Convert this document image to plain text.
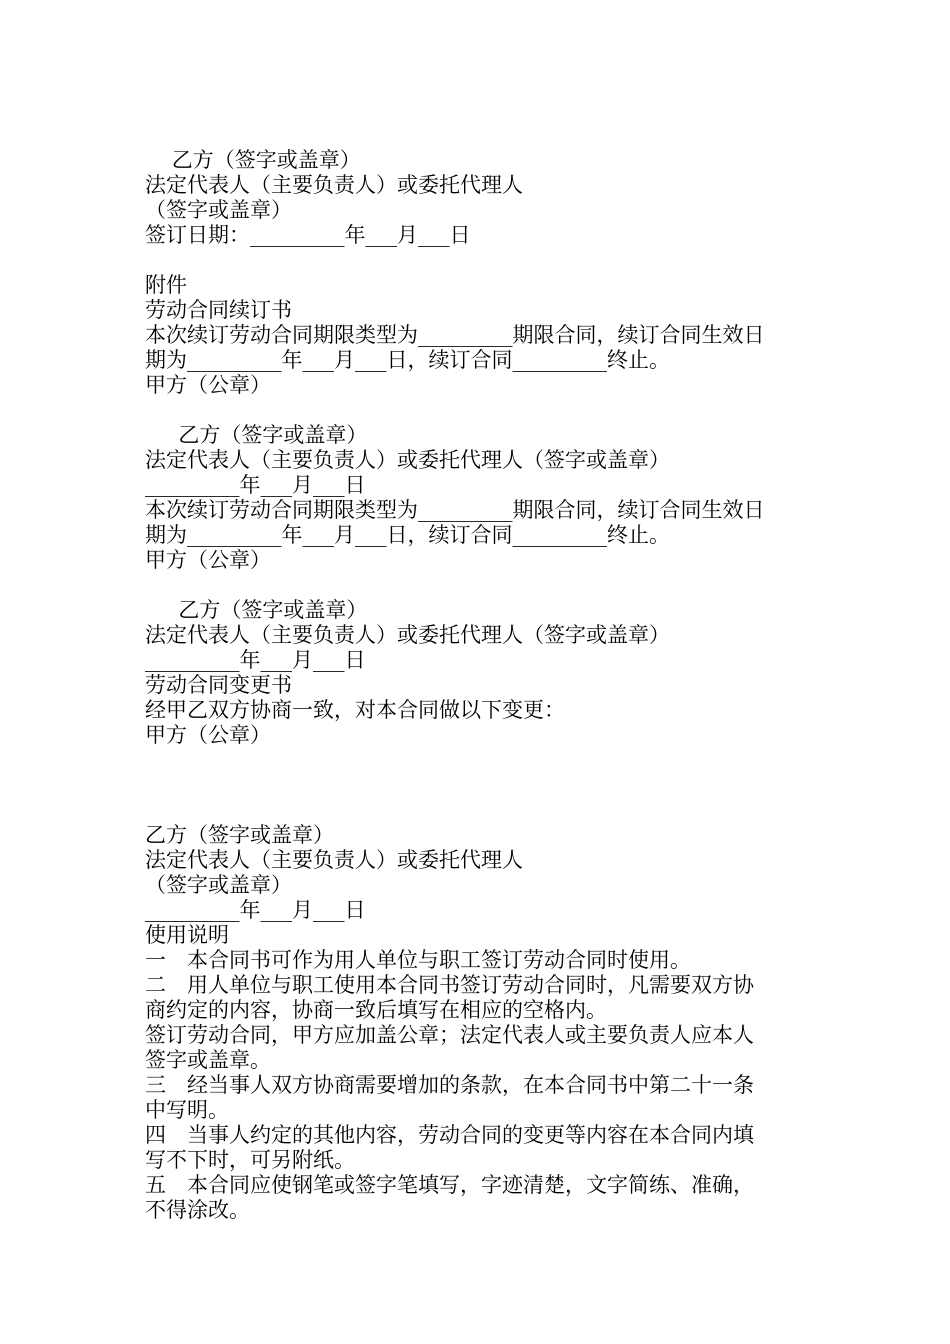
乙方（签字或盖章）
法定代表人（主要负责人）或委托代理人
（签字或盖章）
签订日期：_________年___月___日
附件
劳动合同续订书
本次续订劳动合同期限类型为_________期限合同，续订合同生效日
期为_________年___月___日，续订合同_________终止。
甲方（公章）
乙方（签字或盖章）
法定代表人（主要负责人）或委托代理人（签字或盖章）
_________年___月___日
本次续订劳动合同期限类型为_________期限合同，续订合同生效日
期为_________年___月___日，续订合同_________终止。
甲方（公章）
乙方（签字或盖章）
法定代表人（主要负责人）或委托代理人（签字或盖章）
_________年___月___日
劳动合同变更书
经甲乙双方协商一致，对本合同做以下变更：
甲方（公章）
乙方（签字或盖章）
法定代表人（主要负责人）或委托代理人
（签字或盖章）
_________年___月___日
使用说明
一　本合同书可作为用人单位与职工签订劳动合同时使用。
二　用人单位与职工使用本合同书签订劳动合同时，凡需要双方协
商约定的内容，协商一致后填写在相应的空格内。
签订劳动合同，甲方应加盖公章；法定代表人或主要负责人应本人
签字或盖章。
三　经当事人双方协商需要增加的条款，在本合同书中第二十一条
中写明。
四　当事人约定的其他内容，劳动合同的变更等内容在本合同内填
写不下时，可另附纸。
五　本合同应使钢笔或签字笔填写，字迹清楚，文字简练、准确，
不得涂改。
